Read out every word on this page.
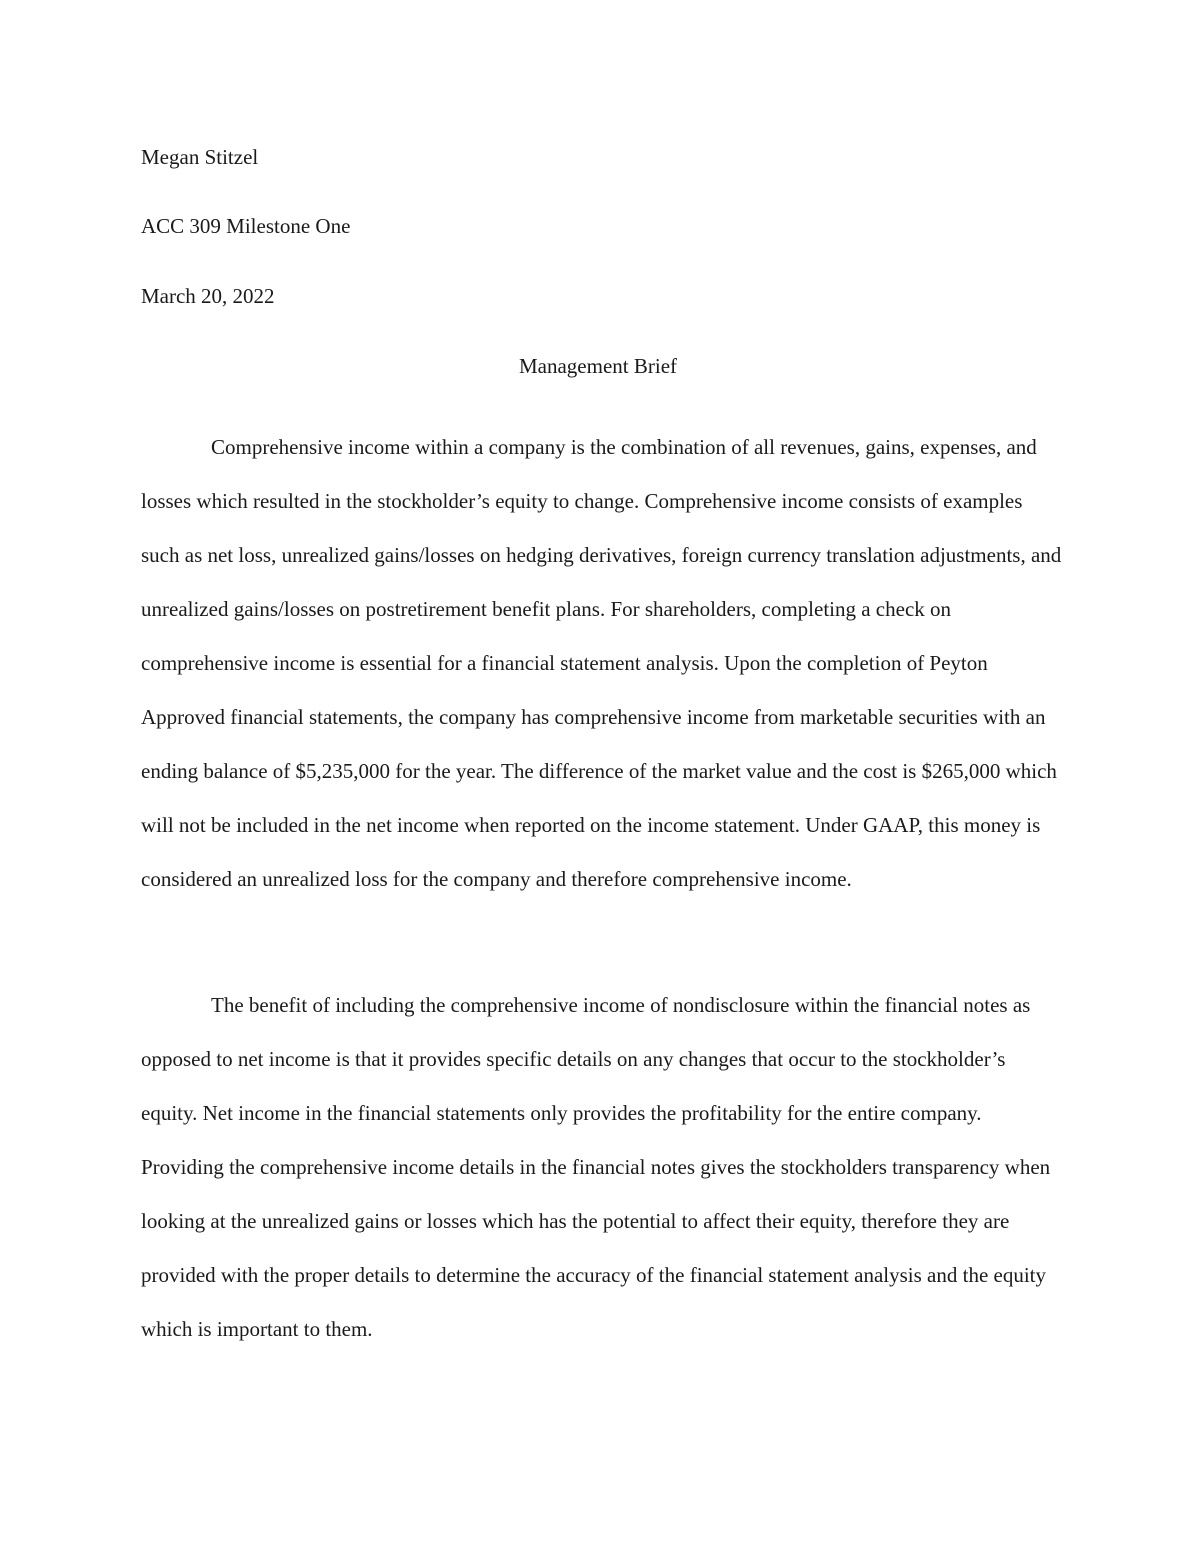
Megan Stitzel
ACC 309 Milestone One
March 20, 2022
Management Brief

Comprehensive income within a company is the combination of all revenues, gains, expenses, and losses which resulted in the stockholder’s equity to change. Comprehensive income consists of examples such as net loss, unrealized gains/losses on hedging derivatives, foreign currency translation adjustments, and unrealized gains/losses on postretirement benefit plans. For shareholders, completing a check on comprehensive income is essential for a financial statement analysis. Upon the completion of Peyton Approved financial statements, the company has comprehensive income from marketable securities with an ending balance of $5,235,000 for the year. The difference of the market value and the cost is $265,000 which will not be included in the net income when reported on the income statement. Under GAAP, this money is considered an unrealized loss for the company and therefore comprehensive income.

The benefit of including the comprehensive income of nondisclosure within the financial notes as opposed to net income is that it provides specific details on any changes that occur to the stockholder’s equity. Net income in the financial statements only provides the profitability for the entire company. Providing the comprehensive income details in the financial notes gives the stockholders transparency when looking at the unrealized gains or losses which has the potential to affect their equity, therefore they are provided with the proper details to determine the accuracy of the financial statement analysis and the equity which is important to them.
